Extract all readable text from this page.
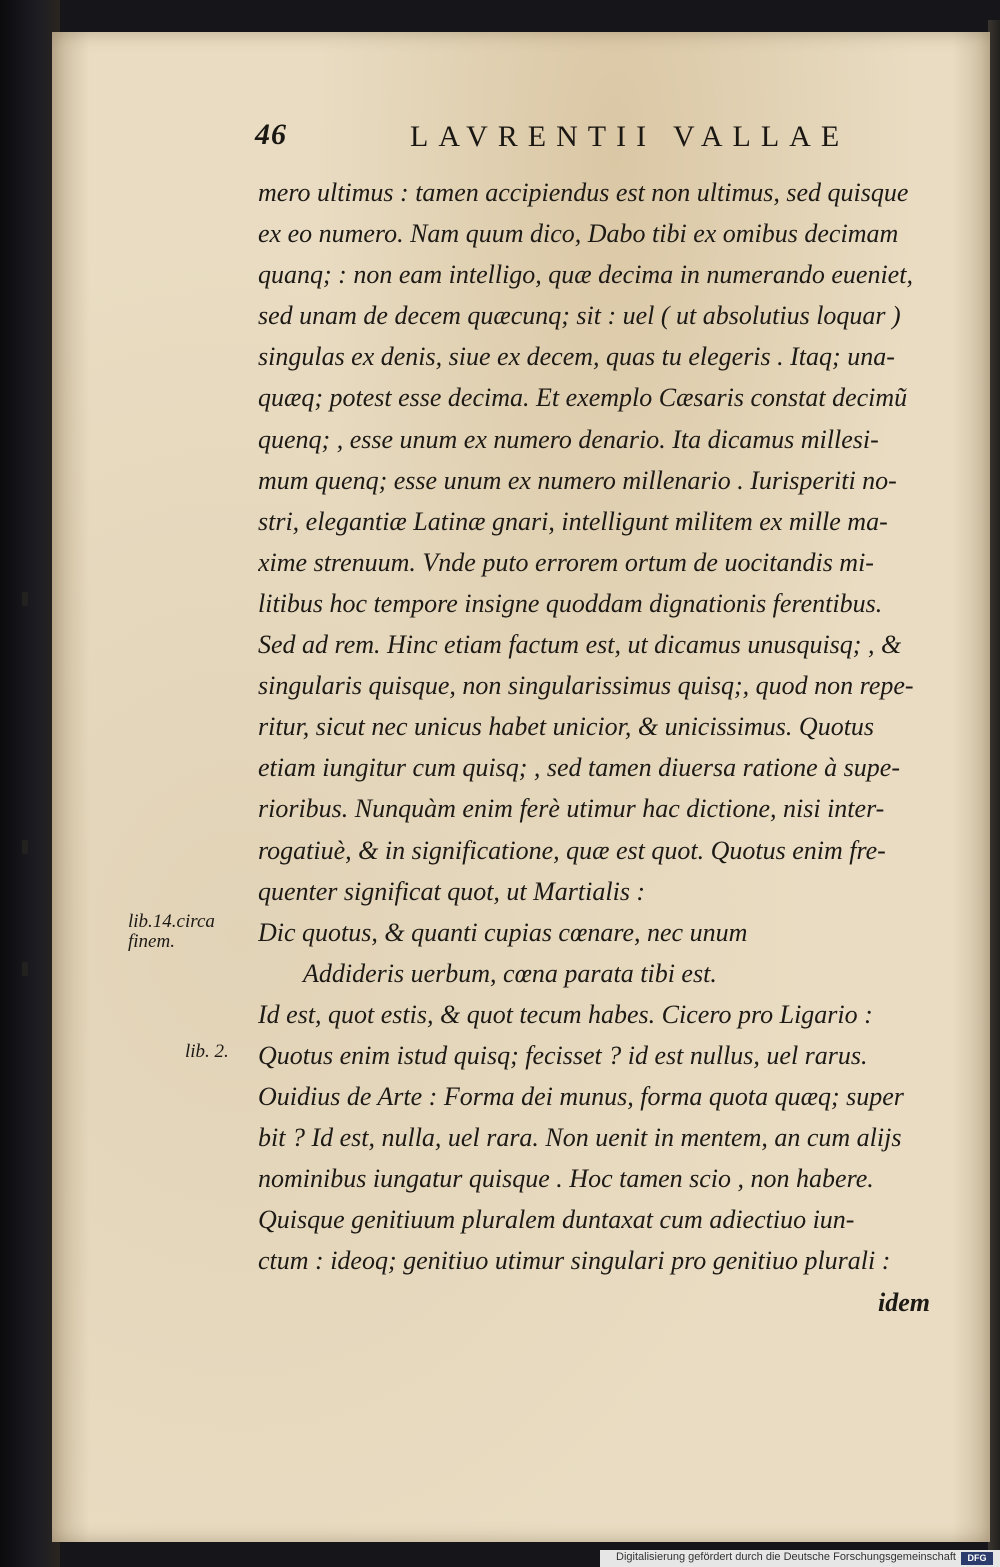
46	LAVRENTII VALLAE
mero ultimus : tamen accipiendus est non ultimus, sed quisque
ex eo numero. Nam quum dico, Dabo tibi ex omibus decimam
quanq; : non eam intelligo, quæ decima in numerando eueniet,
sed unam de decem quæcunq; sit : uel ( ut absolutius loquar )
singulas ex denis, siue ex decem, quas tu elegeris . Itaq; una-
quæq; potest esse decima. Et exemplo Cæsaris constat decimũ
quenq; , esse unum ex numero denario. Ita dicamus millesi-
mum quenq; esse unum ex numero millenario . Iurisperiti no-
stri, elegantiæ Latinæ gnari, intelligunt militem ex mille ma-
xime strenuum. Vnde puto errorem ortum de uocitandis mi-
litibus hoc tempore insigne quoddam dignationis ferentibus.
Sed ad rem. Hinc etiam factum est, ut dicamus unusquisq; , &
singularis quisque, non singularissimus quisq;, quod non repe-
ritur, sicut nec unicus habet unicior, & unicissimus. Quotus
etiam iungitur cum quisq; , sed tamen diuersa ratione à supe-
rioribus. Nunquàm enim ferè utimur hac dictione, nisi inter-
rogatiuè, & in significatione, quæ est quot. Quotus enim fre-
quenter significat quot, ut Martialis :
Dic quotus, & quanti cupias cœnare, nec unum
Addideris uerbum, cœna parata tibi est.
Id est, quot estis, & quot tecum habes. Cicero pro Ligario :
Quotus enim istud quisq; fecisset ? id est nullus, uel rarus.
Ouidius de Arte : Forma dei munus, forma quota quæq; super
bit ? Id est, nulla, uel rara. Non uenit in mentem, an cum alijs
nominibus iungatur quisque . Hoc tamen scio , non habere.
Quisque genitiuum pluralem duntaxat cum adiectiuo iun-
ctum : ideoq; genitiuo utimur singulari pro genitiuo plurali :
idem
lib.14.circa finem.
lib. 2.
Digitalisierung gefördert durch die Deutsche Forschungsgemeinschaft	DFG
